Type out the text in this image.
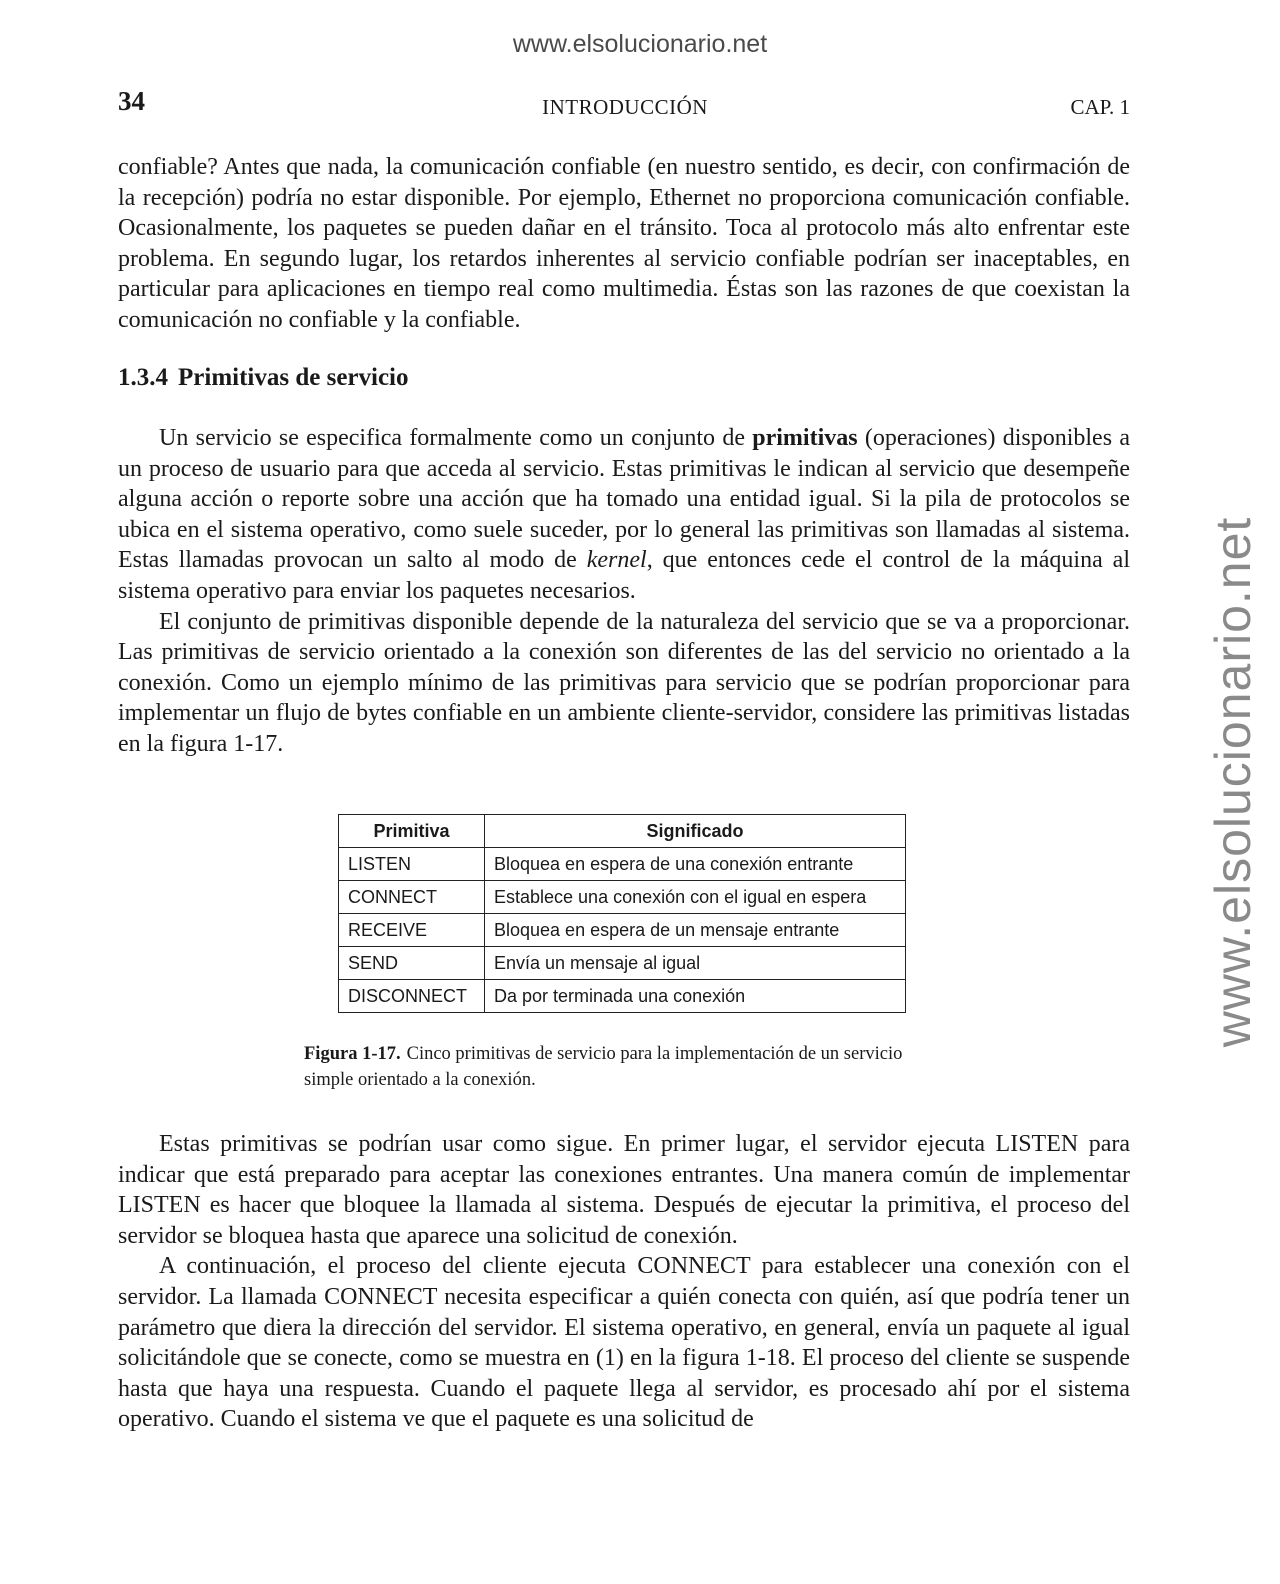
www.elsolucionario.net
www.elsolucionario.net
34	INTRODUCCIÓN	CAP. 1

confiable? Antes que nada, la comunicación confiable (en nuestro sentido, es decir, con confirmación de la recepción) podría no estar disponible. Por ejemplo, Ethernet no proporciona comunicación confiable. Ocasionalmente, los paquetes se pueden dañar en el tránsito. Toca al protocolo más alto enfrentar este problema. En segundo lugar, los retardos inherentes al servicio confiable podrían ser inaceptables, en particular para aplicaciones en tiempo real como multimedia. Éstas son las razones de que coexistan la comunicación no confiable y la confiable.

1.3.4 Primitivas de servicio

Un servicio se especifica formalmente como un conjunto de primitivas (operaciones) disponibles a un proceso de usuario para que acceda al servicio. Estas primitivas le indican al servicio que desempeñe alguna acción o reporte sobre una acción que ha tomado una entidad igual. Si la pila de protocolos se ubica en el sistema operativo, como suele suceder, por lo general las primitivas son llamadas al sistema. Estas llamadas provocan un salto al modo de kernel, que entonces cede el control de la máquina al sistema operativo para enviar los paquetes necesarios.

El conjunto de primitivas disponible depende de la naturaleza del servicio que se va a proporcionar. Las primitivas de servicio orientado a la conexión son diferentes de las del servicio no orientado a la conexión. Como un ejemplo mínimo de las primitivas para servicio que se podrían proporcionar para implementar un flujo de bytes confiable en un ambiente cliente-servidor, considere las primitivas listadas en la figura 1-17.

Primitiva	Significado
LISTEN	Bloquea en espera de una conexión entrante
CONNECT	Establece una conexión con el igual en espera
RECEIVE	Bloquea en espera de un mensaje entrante
SEND	Envía un mensaje al igual
DISCONNECT	Da por terminada una conexión
Figura 1-17. Cinco primitivas de servicio para la implementación de un servicio simple orientado a la conexión.

Estas primitivas se podrían usar como sigue. En primer lugar, el servidor ejecuta LISTEN para indicar que está preparado para aceptar las conexiones entrantes. Una manera común de implementar LISTEN es hacer que bloquee la llamada al sistema. Después de ejecutar la primitiva, el proceso del servidor se bloquea hasta que aparece una solicitud de conexión.

A continuación, el proceso del cliente ejecuta CONNECT para establecer una conexión con el servidor. La llamada CONNECT necesita especificar a quién conecta con quién, así que podría tener un parámetro que diera la dirección del servidor. El sistema operativo, en general, envía un paquete al igual solicitándole que se conecte, como se muestra en (1) en la figura 1-18. El proceso del cliente se suspende hasta que haya una respuesta. Cuando el paquete llega al servidor, es procesado ahí por el sistema operativo. Cuando el sistema ve que el paquete es una solicitud de
